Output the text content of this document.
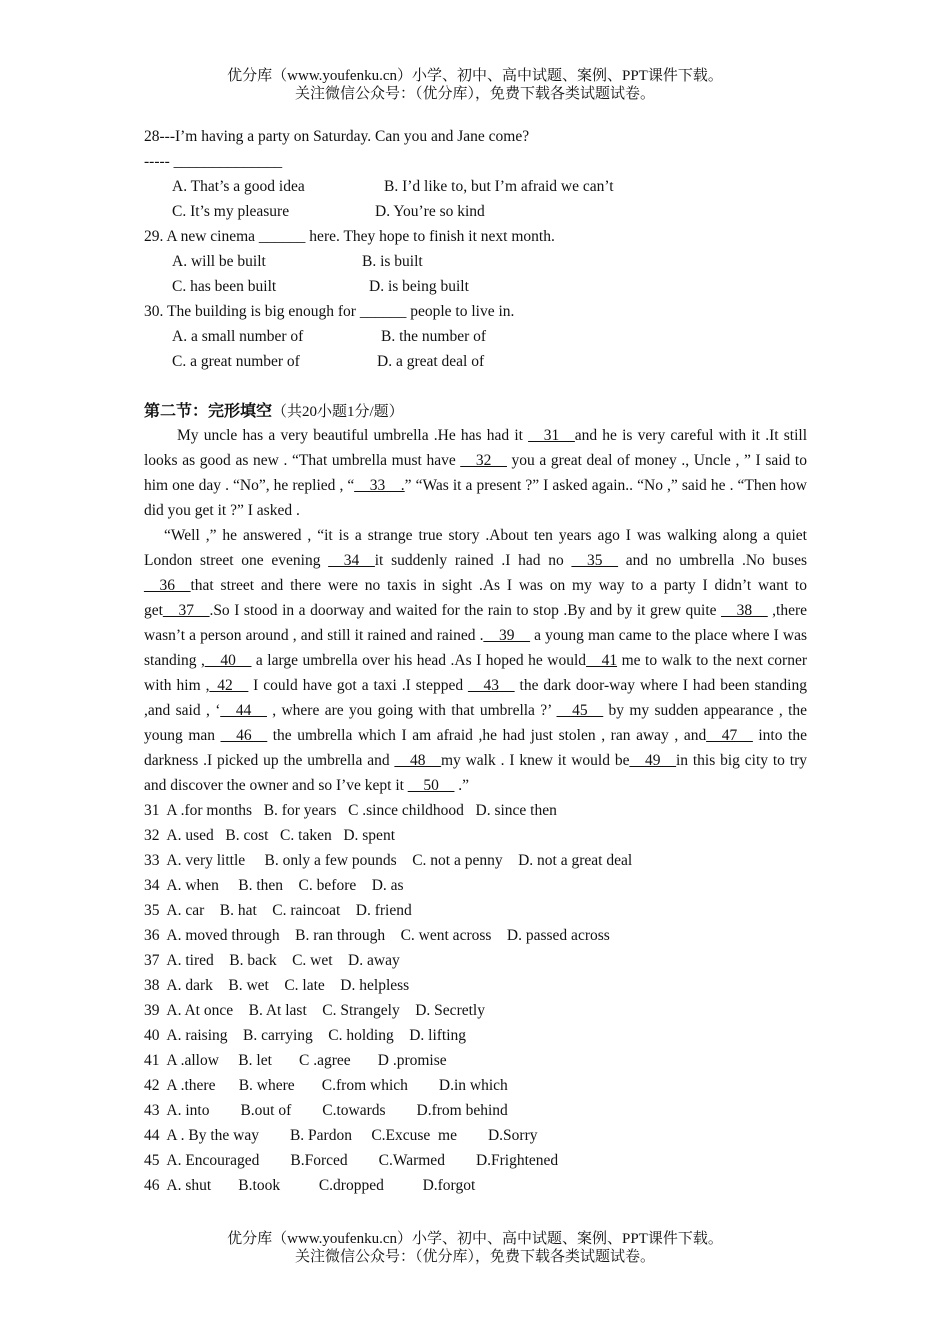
优分库（www.youfenku.cn）小学、初中、高中试题、案例、PPT课件下载。
关注微信公众号：（优分库），免费下载各类试题试卷。
28---I’m having a party on Saturday. Can you and Jane come?
----- ______________
A. That’s a good idea	B. I’d like to, but I’m afraid we can’t
C. It’s my pleasure	D. You’re so kind
29. A new cinema ______ here. They hope to finish it next month.
A. will be built	B. is built
C. has been built	D. is being built
30. The building is big enough for ______ people to live in.
A. a small number of	B. the number of
C. a great number of	D. a great deal of
第二节：完形填空（共20小题1分/题）

My uncle has a very beautiful umbrella .He has had it __31__and he is very careful with it .It still looks as good as new . “That umbrella must have __32__ you a great deal of money ., Uncle , ” I said to him one day . “No”, he replied , “__33__.” “Was it a present ?” I asked again.. “No ,” said he . “Then how did you get it ?” I asked .

“Well ,” he answered , “it is a strange true story .About ten years ago I was walking along a quiet London street one evening __34__it suddenly rained .I had no __35__ and no umbrella .No buses __36__that street and there were no taxis in sight .As I was on my way to a party I didn’t want to get__37__.So I stood in a doorway and waited for the rain to stop .By and by it grew quite __38__ ,there wasn’t a person around , and still it rained and rained .__39__ a young man came to the place where I was standing ,__40__ a large umbrella over his head .As I hoped he would__41 me to walk to the next corner with him ,_42__ I could have got a taxi .I stepped __43__ the dark door-way where I had been standing ,and said , ‘__44__ , where are you going with that umbrella ?’ __45__ by my sudden appearance , the young man __46__ the umbrella which I am afraid ,he had just stolen , ran away , and__47__ into the darkness .I picked up the umbrella and __48__my walk . I knew it would be__49__in this big city to try and discover the owner and so I’ve kept it __50__ .”

31  A .for months   B. for years   C .since childhood   D. since then
32  A. used   B. cost   C. taken   D. spent
33  A. very little     B. only a few pounds    C. not a penny    D. not a great deal
34  A. when     B. then    C. before    D. as
35  A. car    B. hat    C. raincoat    D. friend
36  A. moved through    B. ran through    C. went across    D. passed across
37  A. tired    B. back    C. wet    D. away
38  A. dark    B. wet    C. late    D. helpless
39  A. At once    B. At last    C. Strangely    D. Secretly
40  A. raising    B. carrying    C. holding    D. lifting
41  A .allow     B. let       C .agree       D .promise
42  A .there      B. where       C.from which        D.in which
43  A. into        B.out of        C.towards        D.from behind
44  A . By the way        B. Pardon     C.Excuse  me        D.Sorry
45  A. Encouraged        B.Forced        C.Warmed        D.Frightened
46  A. shut       B.took          C.dropped          D.forgot
优分库（www.youfenku.cn）小学、初中、高中试题、案例、PPT课件下载。
关注微信公众号：（优分库），免费下载各类试题试卷。
